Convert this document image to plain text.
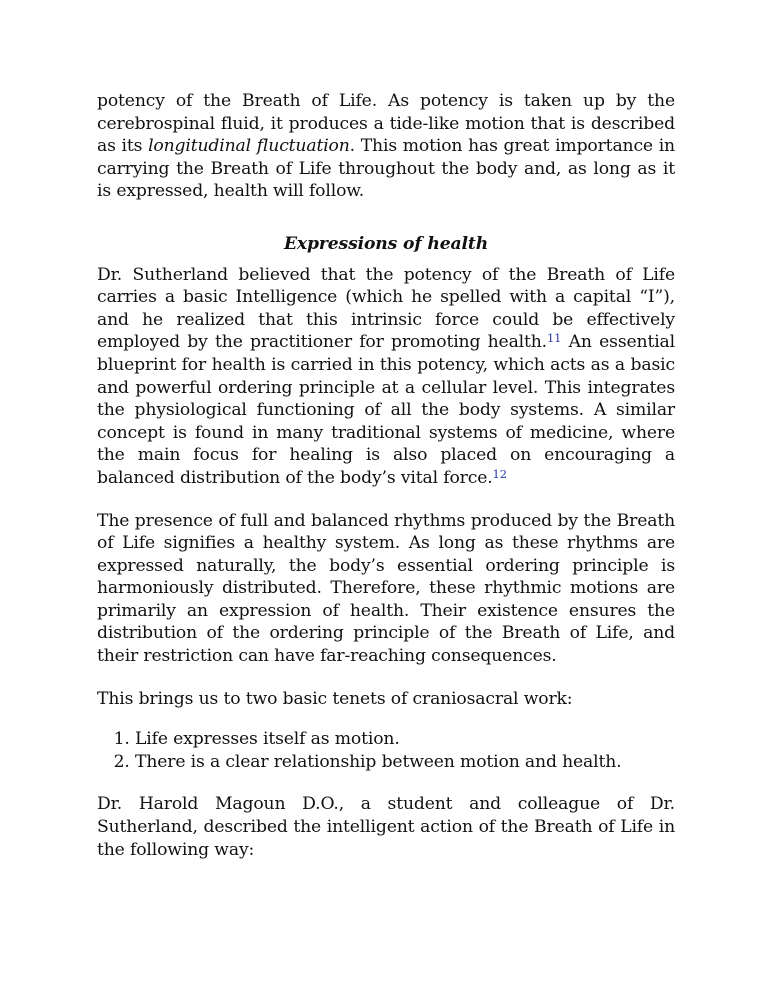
potency of the Breath of Life. As potency is taken up by the cerebrospinal fluid, it produces a tide-like motion that is described as its longitudinal fluctuation. This motion has great importance in carrying the Breath of Life throughout the body and, as long as it is expressed, health will follow.

Expressions of health

Dr. Sutherland believed that the potency of the Breath of Life carries a basic Intelligence (which he spelled with a capital “I”), and he realized that this intrinsic force could be effectively employed by the practitioner for promoting health.$^{11}$ An essential blueprint for health is carried in this potency, which acts as a basic and powerful ordering principle at a cellular level. This integrates the physiological functioning of all the body systems. A similar concept is found in many traditional systems of medicine, where the main focus for healing is also placed on encouraging a balanced distribution of the body’s vital force.$^{12}$

The presence of full and balanced rhythms produced by the Breath of Life signifies a healthy system. As long as these rhythms are expressed naturally, the body’s essential ordering principle is harmoniously distributed. Therefore, these rhythmic motions are primarily an expression of health. Their existence ensures the distribution of the ordering principle of the Breath of Life, and their restriction can have far-reaching consequences.

This brings us to two basic tenets of craniosacral work:

1. Life expresses itself as motion.
2. There is a clear relationship between motion and health.

Dr. Harold Magoun D.O., a student and colleague of Dr. Sutherland, described the intelligent action of the Breath of Life in the following way:
